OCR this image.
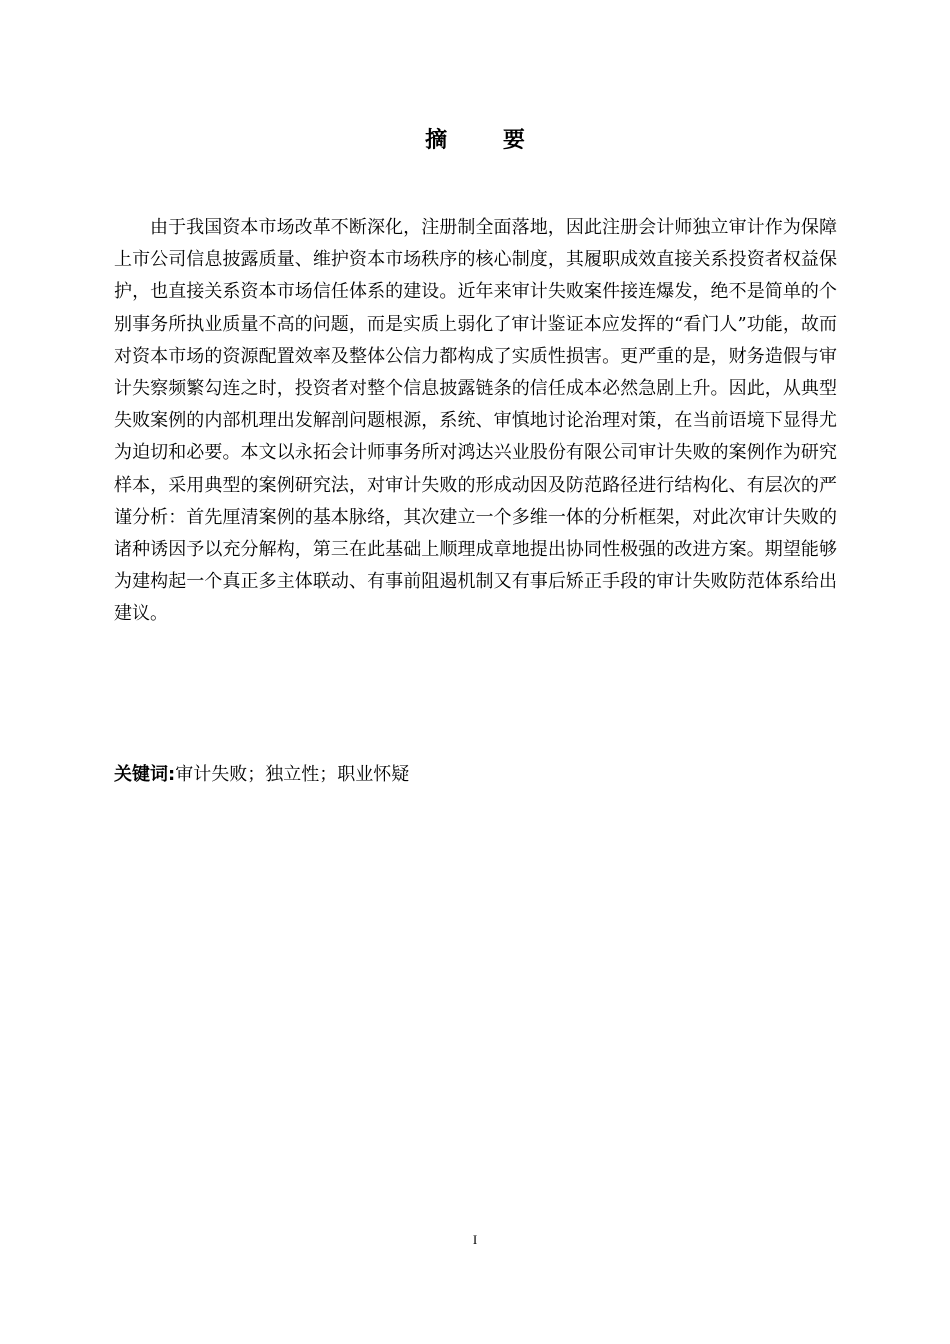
摘 要

由于我国资本市场改革不断深化，注册制全面落地，因此注册会计师独立审计作为保障上市公司信息披露质量、维护资本市场秩序的核心制度，其履职成效直接关系投资者权益保护，也直接关系资本市场信任体系的建设。近年来审计失败案件接连爆发，绝不是简单的个别事务所执业质量不高的问题，而是实质上弱化了审计鉴证本应发挥的“看门人”功能，故而对资本市场的资源配置效率及整体公信力都构成了实质性损害。更严重的是，财务造假与审计失察频繁勾连之时，投资者对整个信息披露链条的信任成本必然急剧上升。因此，从典型失败案例的内部机理出发解剖问题根源，系统、审慎地讨论治理对策，在当前语境下显得尤为迫切和必要。本文以永拓会计师事务所对鸿达兴业股份有限公司审计失败的案例作为研究样本，采用典型的案例研究法，对审计失败的形成动因及防范路径进行结构化、有层次的严谨分析：首先厘清案例的基本脉络，其次建立一个多维一体的分析框架，对此次审计失败的诸种诱因予以充分解构，第三在此基础上顺理成章地提出协同性极强的改进方案。期望能够为建构起一个真正多主体联动、有事前阻遏机制又有事后矫正手段的审计失败防范体系给出建议。

关键词:审计失败；独立性；职业怀疑
I
